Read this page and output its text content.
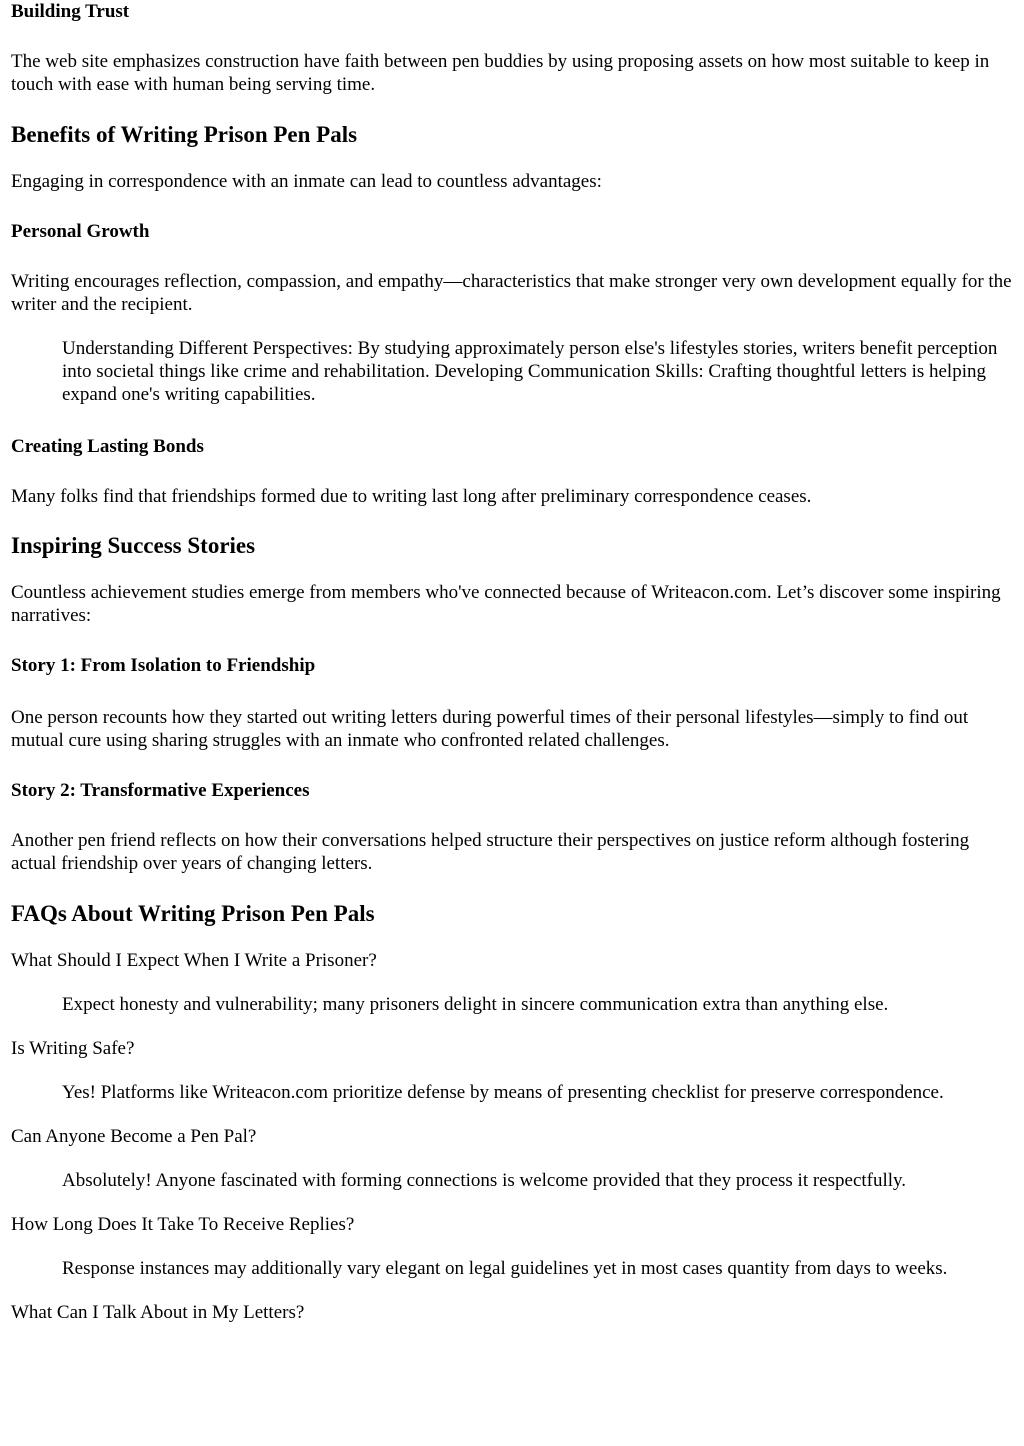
Building Trust

The web site emphasizes construction have faith between pen buddies by using proposing assets on how most suitable to keep in touch with ease with human being serving time.

Benefits of Writing Prison Pen Pals

Engaging in correspondence with an inmate can lead to countless advantages:

Personal Growth

Writing encourages reflection, compassion, and empathy—characteristics that make stronger very own development equally for the writer and the recipient.

Understanding Different Perspectives: By studying approximately person else's lifestyles stories, writers benefit perception into societal things like crime and rehabilitation. Developing Communication Skills: Crafting thoughtful letters is helping expand one's writing capabilities.
Creating Lasting Bonds

Many folks find that friendships formed due to writing last long after preliminary correspondence ceases.

Inspiring Success Stories

Countless achievement studies emerge from members who've connected because of Writeacon.com. Let’s discover some inspiring narratives:

Story 1: From Isolation to Friendship

One person recounts how they started out writing letters during powerful times of their personal lifestyles—simply to find out mutual cure using sharing struggles with an inmate who confronted related challenges.

Story 2: Transformative Experiences

Another pen friend reflects on how their conversations helped structure their perspectives on justice reform although fostering actual friendship over years of changing letters.

FAQs About Writing Prison Pen Pals

What Should I Expect When I Write a Prisoner?

Expect honesty and vulnerability; many prisoners delight in sincere communication extra than anything else.

Is Writing Safe?

Yes! Platforms like Writeacon.com prioritize defense by means of presenting checklist for preserve correspondence.

Can Anyone Become a Pen Pal?

Absolutely! Anyone fascinated with forming connections is welcome provided that they process it respectfully.

How Long Does It Take To Receive Replies?

Response instances may additionally vary elegant on legal guidelines yet in most cases quantity from days to weeks.

What Can I Talk About in My Letters?
